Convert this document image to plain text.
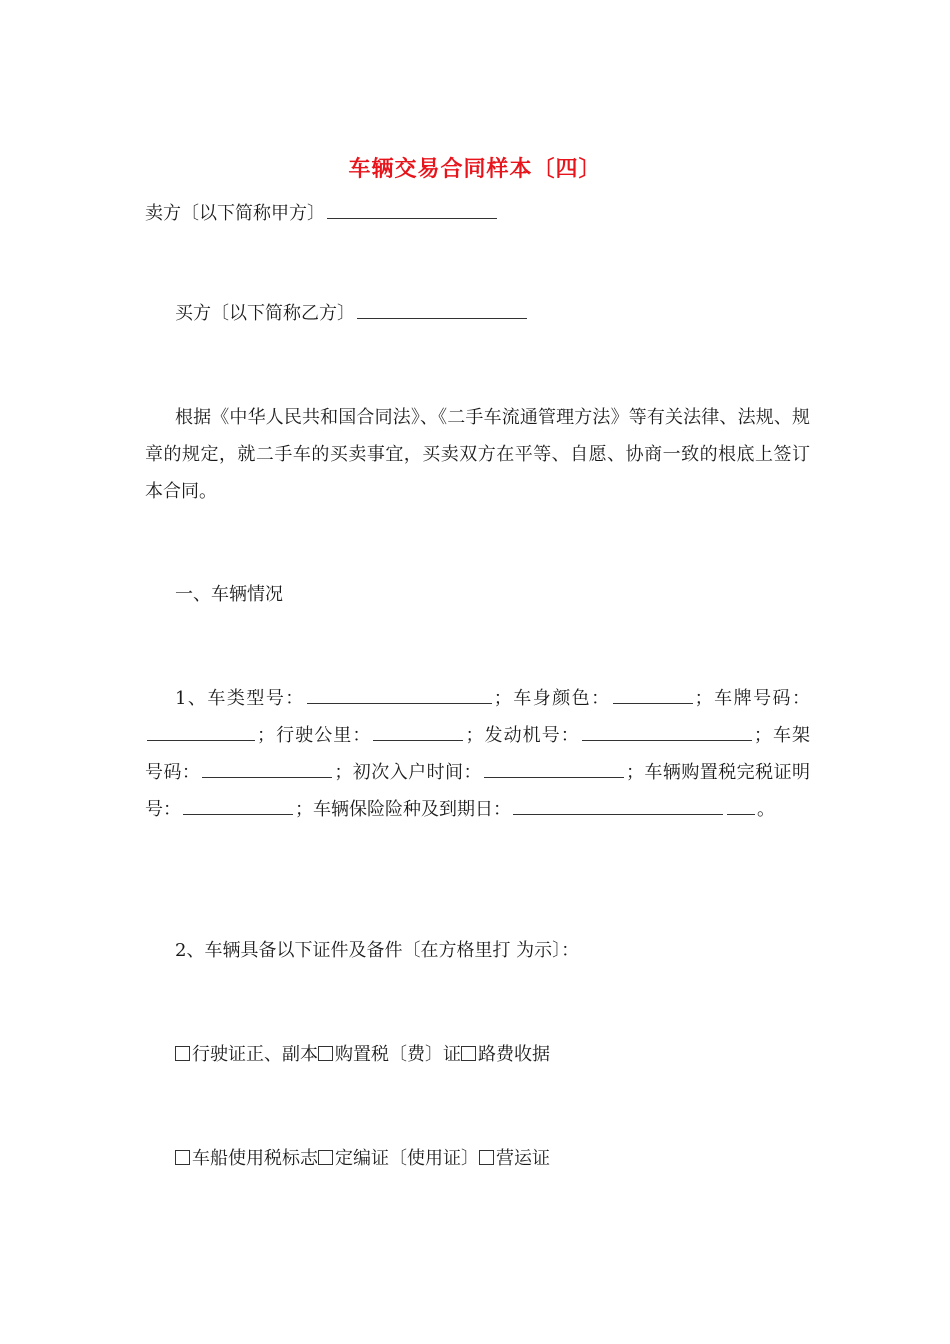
车辆交易合同样本〔四〕
卖方〔以下简称甲方〕
买方〔以下简称乙方〕
根据《中华人民共和国合同法》、《二手车流通管理方法》等有关法律、法规、规章的规定，就二手车的买卖事宜，买卖双方在平等、自愿、协商一致的根底上签订本合同。
一、车辆情况
1、车类型号：	；车身颜色：	；车牌号码：；行驶公里：	；发动机号：	；车架号码：	；初次入户时间：	；车辆购置税完税证明号：	；车辆保险险种及到期日：	。
2、车辆具备以下证件及备件〔在方格里打 为示〕：
行驶证正、副本 购置税〔费〕证 路费收据
车船使用税标志 定编证〔使用证〕 营运证
